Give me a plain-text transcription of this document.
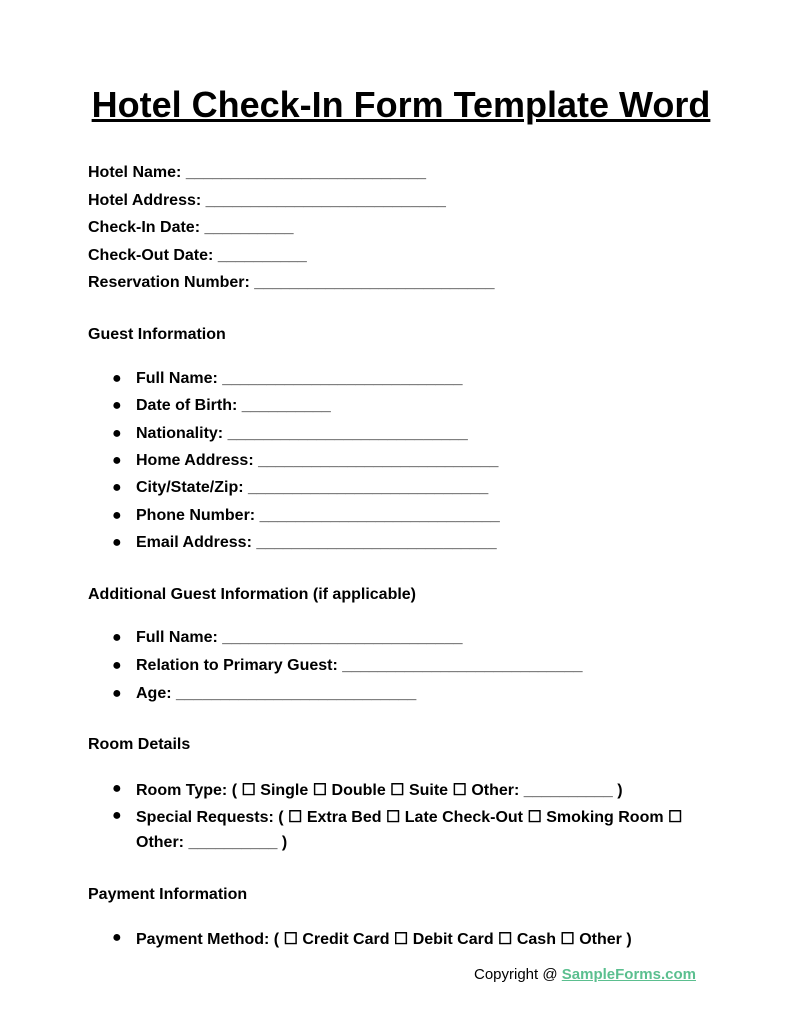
Hotel Check-In Form Template Word
Hotel Name: ___________________________
Hotel Address: ___________________________
Check-In Date: __________
Check-Out Date: __________
Reservation Number: ___________________________
Guest Information
● Full Name: ___________________________
● Date of Birth: __________
● Nationality: ___________________________
● Home Address: ___________________________
● City/State/Zip: ___________________________
● Phone Number: ___________________________
● Email Address: ___________________________
Additional Guest Information (if applicable)
● Full Name: ___________________________
● Relation to Primary Guest: ___________________________
● Age: ___________________________
Room Details
● Room Type: ( ☐ Single ☐ Double ☐ Suite ☐ Other: __________ )
● Special Requests: ( ☐ Extra Bed ☐ Late Check-Out ☐ Smoking Room ☐
Other: __________ )
Payment Information
● Payment Method: ( ☐ Credit Card ☐ Debit Card ☐ Cash ☐ Other )
Copyright @ SampleForms.com
